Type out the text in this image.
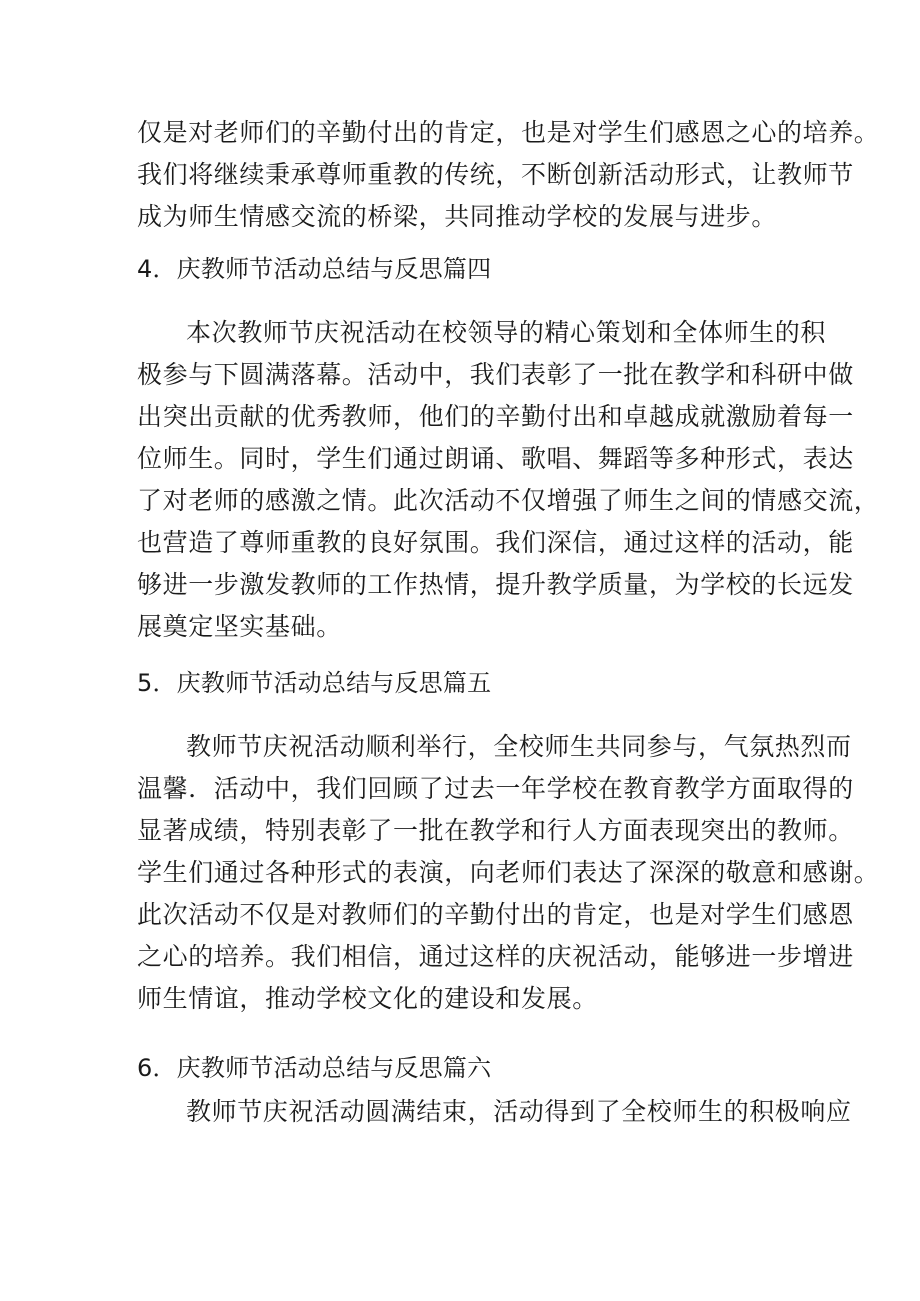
仅是对老师们的辛勤付出的肯定，也是对学生们感恩之心的培养。
我们将继续秉承尊师重教的传统，不断创新活动形式，让教师节
成为师生情感交流的桥梁，共同推动学校的发展与进步。
4．庆教师节活动总结与反思篇四
本次教师节庆祝活动在校领导的精心策划和全体师生的积
极参与下圆满落幕。活动中，我们表彰了一批在教学和科研中做
出突出贡献的优秀教师，他们的辛勤付出和卓越成就激励着每一
位师生。同时，学生们通过朗诵、歌唱、舞蹈等多种形式，表达
了对老师的感激之情。此次活动不仅增强了师生之间的情感交流，
也营造了尊师重教的良好氛围。我们深信，通过这样的活动，能
够进一步激发教师的工作热情，提升教学质量，为学校的长远发
展奠定坚实基础。
5．庆教师节活动总结与反思篇五
教师节庆祝活动顺利举行，全校师生共同参与，气氛热烈而
温馨．活动中，我们回顾了过去一年学校在教育教学方面取得的
显著成绩，特别表彰了一批在教学和行人方面表现突出的教师。
学生们通过各种形式的表演，向老师们表达了深深的敬意和感谢。
此次活动不仅是对教师们的辛勤付出的肯定，也是对学生们感恩
之心的培养。我们相信，通过这样的庆祝活动，能够进一步增进
师生情谊，推动学校文化的建设和发展。
6．庆教师节活动总结与反思篇六
教师节庆祝活动圆满结束，活动得到了全校师生的积极响应
